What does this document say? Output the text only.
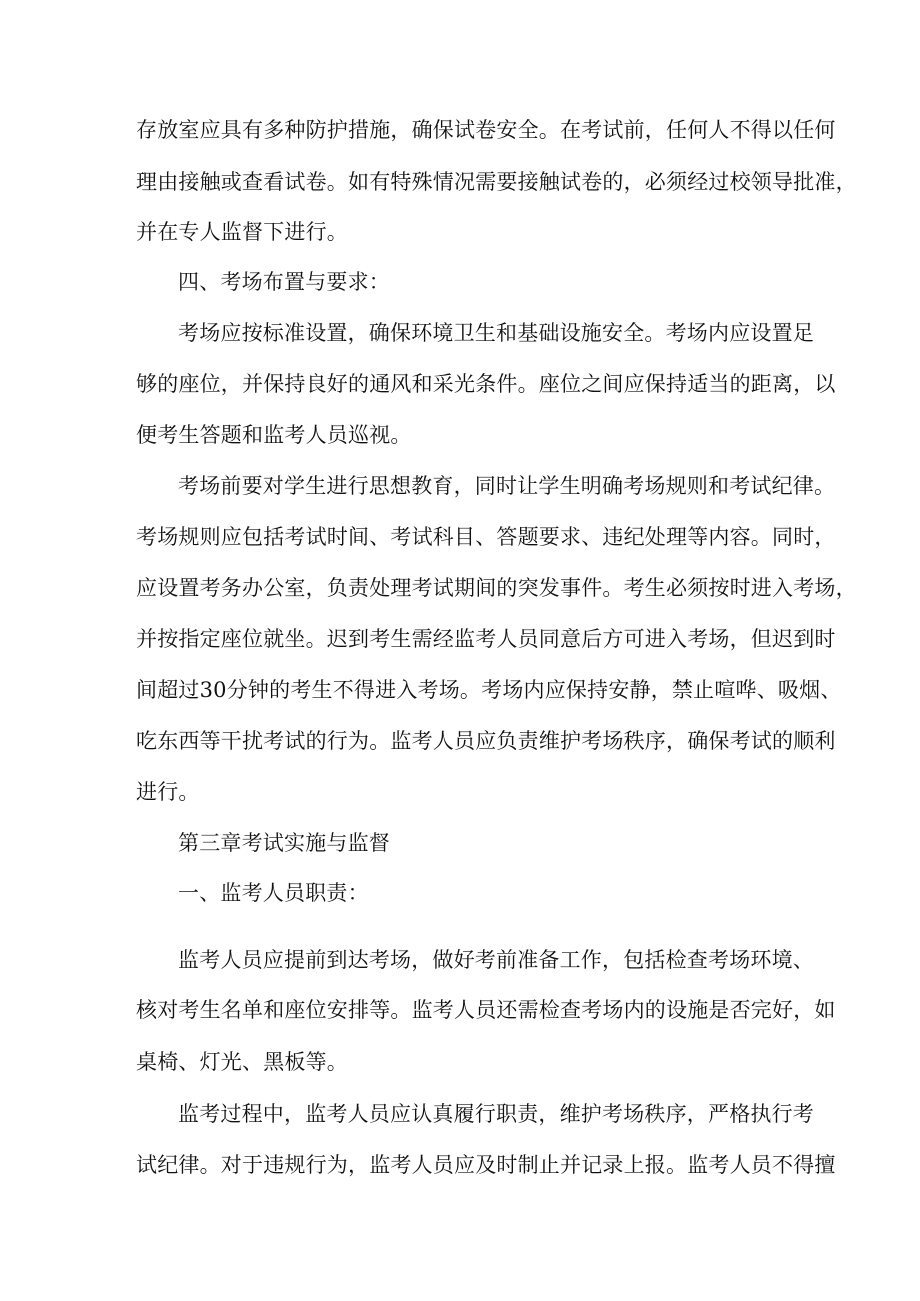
存放室应具有多种防护措施，确保试卷安全。在考试前，任何人不得以任何

理由接触或查看试卷。如有特殊情况需要接触试卷的，必须经过校领导批准，

并在专人监督下进行。

四、考场布置与要求：

考场应按标准设置，确保环境卫生和基础设施安全。考场内应设置足

够的座位，并保持良好的通风和采光条件。座位之间应保持适当的距离，以

便考生答题和监考人员巡视。

考场前要对学生进行思想教育，同时让学生明确考场规则和考试纪律。

考场规则应包括考试时间、考试科目、答题要求、违纪处理等内容。同时，

应设置考务办公室，负责处理考试期间的突发事件。考生必须按时进入考场，

并按指定座位就坐。迟到考生需经监考人员同意后方可进入考场，但迟到时

间超过30分钟的考生不得进入考场。考场内应保持安静，禁止喧哗、吸烟、

吃东西等干扰考试的行为。监考人员应负责维护考场秩序，确保考试的顺利

进行。

第三章考试实施与监督

一、监考人员职责：

监考人员应提前到达考场，做好考前准备工作，包括检查考场环境、

核对考生名单和座位安排等。监考人员还需检查考场内的设施是否完好，如

桌椅、灯光、黑板等。

监考过程中，监考人员应认真履行职责，维护考场秩序，严格执行考

试纪律。对于违规行为，监考人员应及时制止并记录上报。监考人员不得擅
